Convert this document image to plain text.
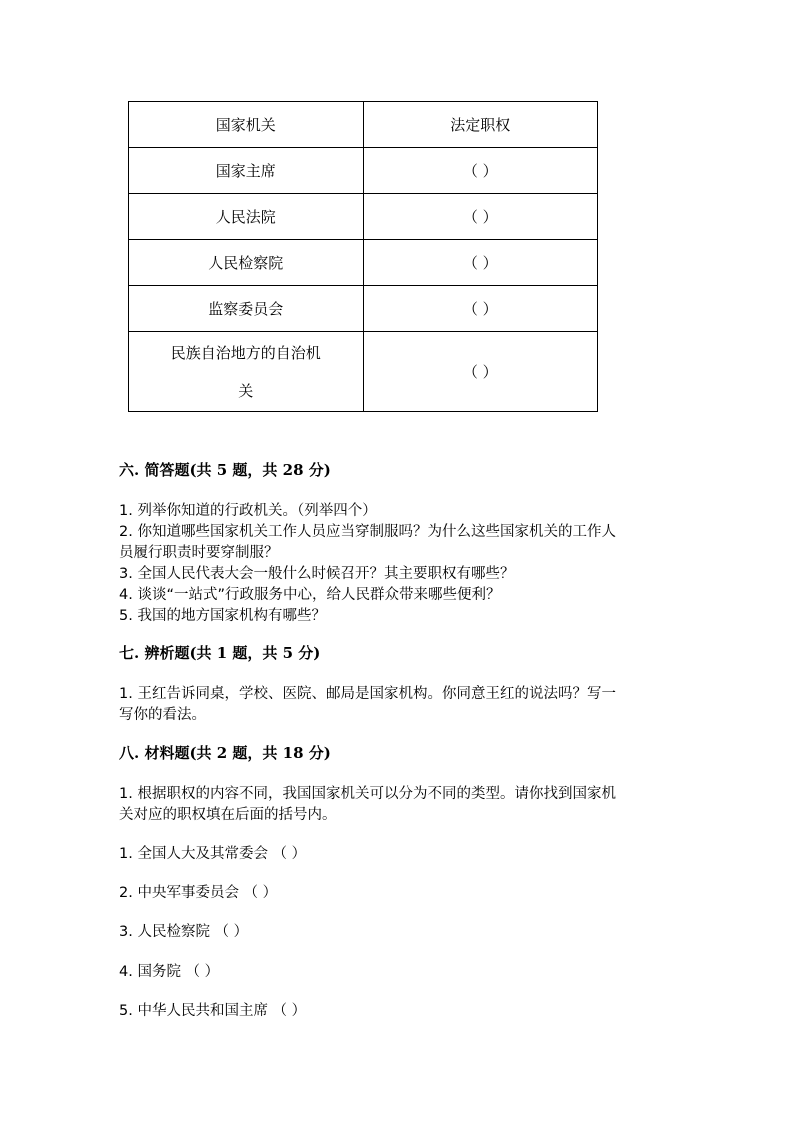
国家机关	法定职权
国家主席	（ ）
人民法院	（ ）
人民检察院	（ ）
监察委员会	（ ）
民族自治地方的自治机
关	（ ）
六. 简答题(共 5 题，共 28 分)
1. 列举你知道的行政机关。（列举四个）
2. 你知道哪些国家机关工作人员应当穿制服吗？为什么这些国家机关的工作人
员履行职责时要穿制服？
3. 全国人民代表大会一般什么时候召开？其主要职权有哪些？
4. 谈谈“一站式”行政服务中心，给人民群众带来哪些便利？
5. 我国的地方国家机构有哪些？
七. 辨析题(共 1 题，共 5 分)
1. 王红告诉同桌，学校、医院、邮局是国家机构。你同意王红的说法吗？写一
写你的看法。
八. 材料题(共 2 题，共 18 分)
1. 根据职权的内容不同，我国国家机关可以分为不同的类型。请你找到国家机
关对应的职权填在后面的括号内。
1. 全国人大及其常委会 （ ）
2. 中央军事委员会 （ ）
3. 人民检察院 （ ）
4. 国务院 （ ）
5. 中华人民共和国主席 （ ）
